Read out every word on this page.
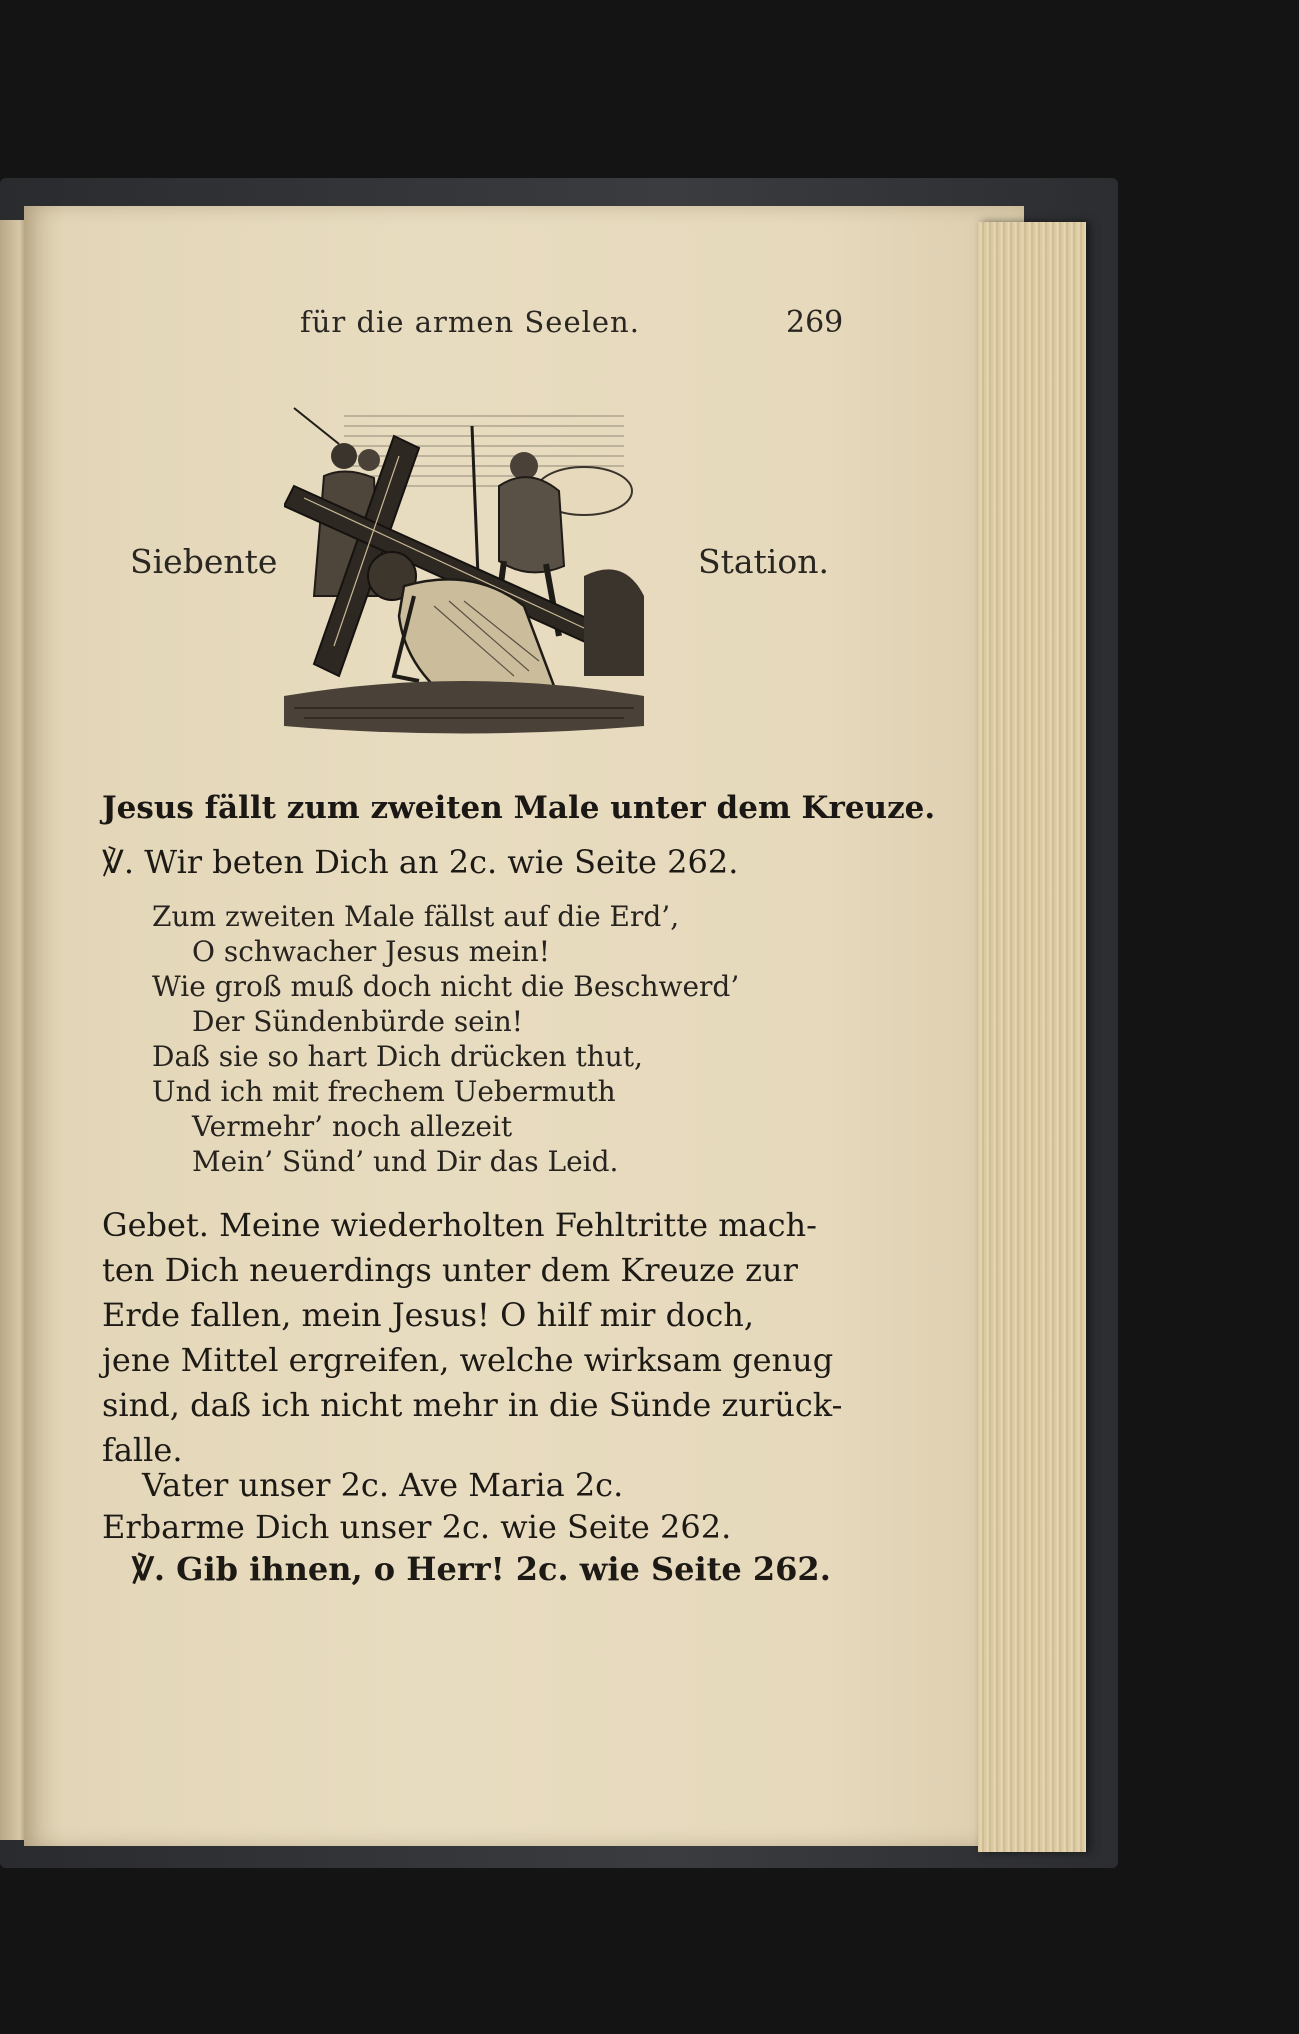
für die armen Seelen.	269
Siebente	Station.
Jesus fällt zum zweiten Male unter dem Kreuze.
℣. Wir beten Dich an 2c. wie Seite 262.
Zum zweiten Male fällst auf die Erd’,
O schwacher Jesus mein!
Wie groß muß doch nicht die Beschwerd’
Der Sündenbürde sein!
Daß sie so hart Dich drücken thut,
Und ich mit frechem Uebermuth
Vermehr’ noch allezeit
Mein’ Sünd’ und Dir das Leid.
Gebet. Meine wiederholten Fehltritte mach-
ten Dich neuerdings unter dem Kreuze zur
Erde fallen, mein Jesus! O hilf mir doch,
jene Mittel ergreifen, welche wirksam genug
sind, daß ich nicht mehr in die Sünde zurück-
falle.
Vater unser 2c. Ave Maria 2c.
Erbarme Dich unser 2c. wie Seite 262.
℣. Gib ihnen, o Herr! 2c. wie Seite 262.
